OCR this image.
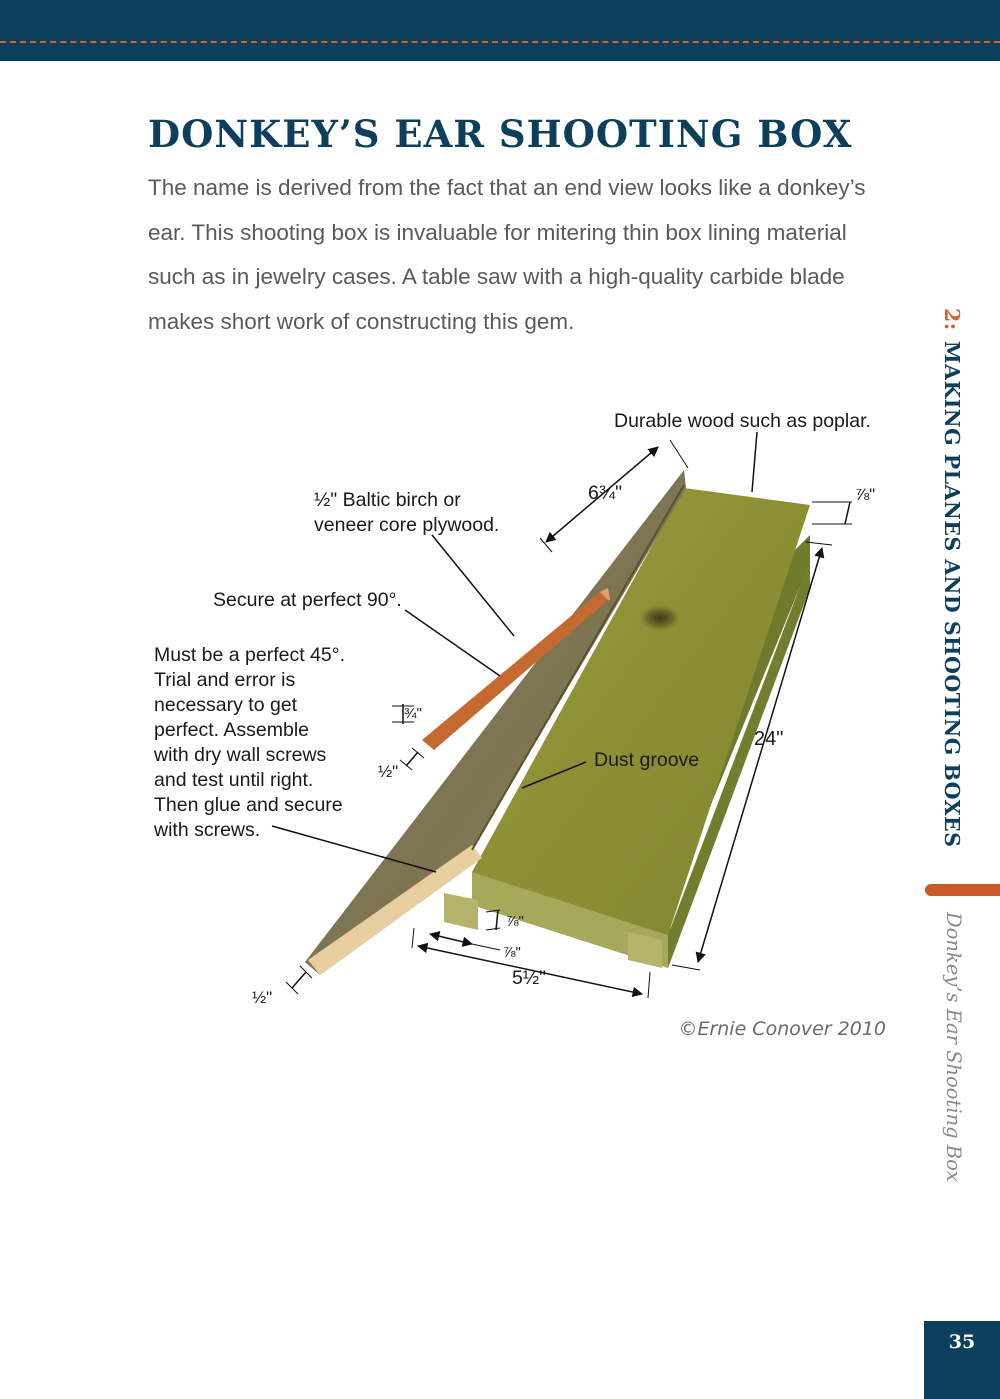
DONKEY’S EAR SHOOTING BOX
The name is derived from the fact that an end view looks like a donkey’s
ear. This shooting box is invaluable for mitering thin box lining material
such as in jewelry cases. A table saw with a high-quality carbide blade
makes short work of constructing this gem.	2:MAKING PLANES AND SHOOTING BOXES
Donkey’s Ear Shooting Box
Durable wood such as poplar.
6¾"	⅞"
½" Baltic birch or
veneer core plywood.
Secure at perfect 90°.
Must be a perfect 45°.
Trial and error is
necessary to get
perfect. Assemble
with dry wall screws
and test until right.
Then glue and secure
with screws.
¾"
½"
Dust groove
24"
⅞"
⅞"
5½"
½"
©Ernie Conover 2010
35
